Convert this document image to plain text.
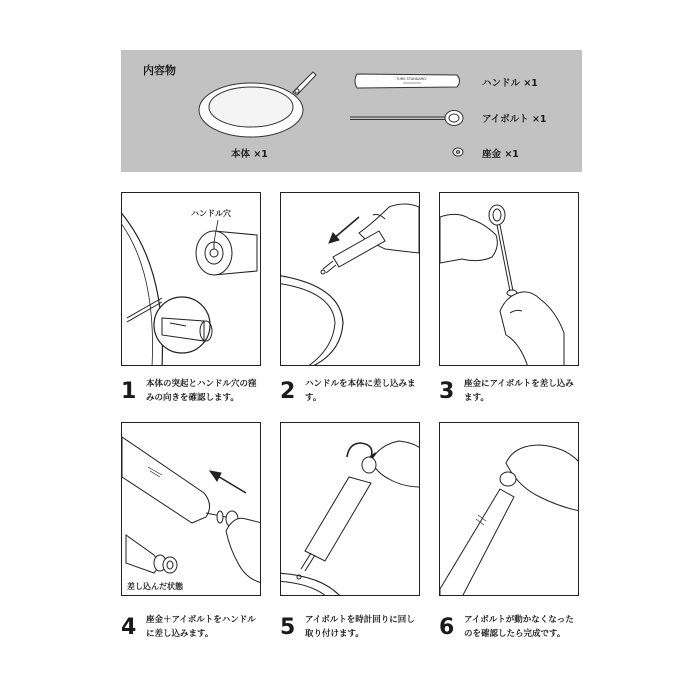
内容物
TURK STANDARD
本体 ×1
ハンドル ×1
アイボルト ×1
座金 ×1
ハンドル穴
差し込んだ状態
1 本体の突起とハンドル穴の窪みの向きを確認します。	2 ハンドルを本体に差し込みます。	3 座金にアイボルトを差し込みます。
4 座金＋アイボルトをハンドルに差し込みます。	5 アイボルトを時計回りに回し取り付けます。	6 アイボルトが動かなくなったのを確認したら完成です。
